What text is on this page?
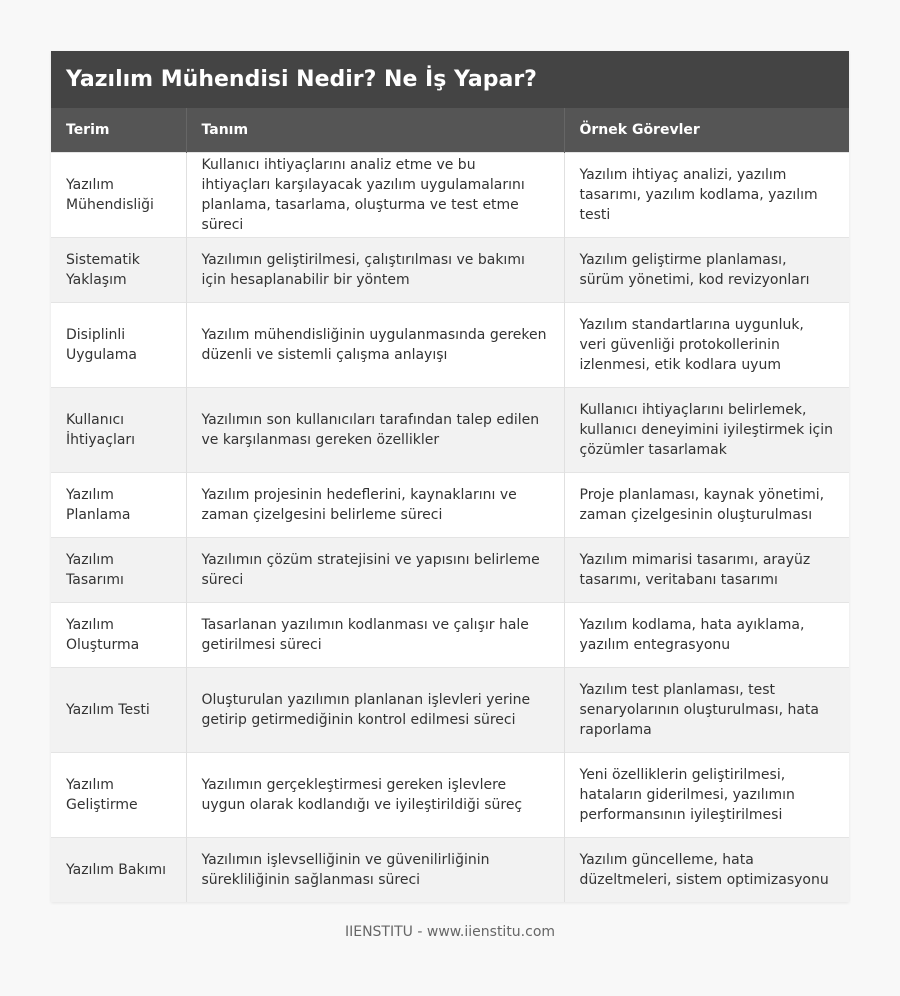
Yazılım Mühendisi Nedir? Ne İş Yapar?
Terim	Tanım	Örnek Görevler
Yazılım Mühendisliği	Kullanıcı ihtiyaçlarını analiz etme ve bu ihtiyaçları karşılayacak yazılım uygulamalarını planlama, tasarlama, oluşturma ve test etme süreci	Yazılım ihtiyaç analizi, yazılım tasarımı, yazılım kodlama, yazılım testi
Sistematik Yaklaşım	Yazılımın geliştirilmesi, çalıştırılması ve bakımı için hesaplanabilir bir yöntem	Yazılım geliştirme planlaması, sürüm yönetimi, kod revizyonları
Disiplinli Uygulama	Yazılım mühendisliğinin uygulanmasında gereken düzenli ve sistemli çalışma anlayışı	Yazılım standartlarına uygunluk, veri güvenliği protokollerinin izlenmesi, etik kodlara uyum
Kullanıcı İhtiyaçları	Yazılımın son kullanıcıları tarafından talep edilen ve karşılanması gereken özellikler	Kullanıcı ihtiyaçlarını belirlemek, kullanıcı deneyimini iyileştirmek için çözümler tasarlamak
Yazılım Planlama	Yazılım projesinin hedeflerini, kaynaklarını ve zaman çizelgesini belirleme süreci	Proje planlaması, kaynak yönetimi, zaman çizelgesinin oluşturulması
Yazılım Tasarımı	Yazılımın çözüm stratejisini ve yapısını belirleme süreci	Yazılım mimarisi tasarımı, arayüz tasarımı, veritabanı tasarımı
Yazılım Oluşturma	Tasarlanan yazılımın kodlanması ve çalışır hale getirilmesi süreci	Yazılım kodlama, hata ayıklama, yazılım entegrasyonu
Yazılım Testi	Oluşturulan yazılımın planlanan işlevleri yerine getirip getirmediğinin kontrol edilmesi süreci	Yazılım test planlaması, test senaryolarının oluşturulması, hata raporlama
Yazılım Geliştirme	Yazılımın gerçekleştirmesi gereken işlevlere uygun olarak kodlandığı ve iyileştirildiği süreç	Yeni özelliklerin geliştirilmesi, hataların giderilmesi, yazılımın performansının iyileştirilmesi
Yazılım Bakımı	Yazılımın işlevselliğinin ve güvenilirliğinin sürekliliğinin sağlanması süreci	Yazılım güncelleme, hata düzeltmeleri, sistem optimizasyonu
IIENSTITU - www.iienstitu.com
